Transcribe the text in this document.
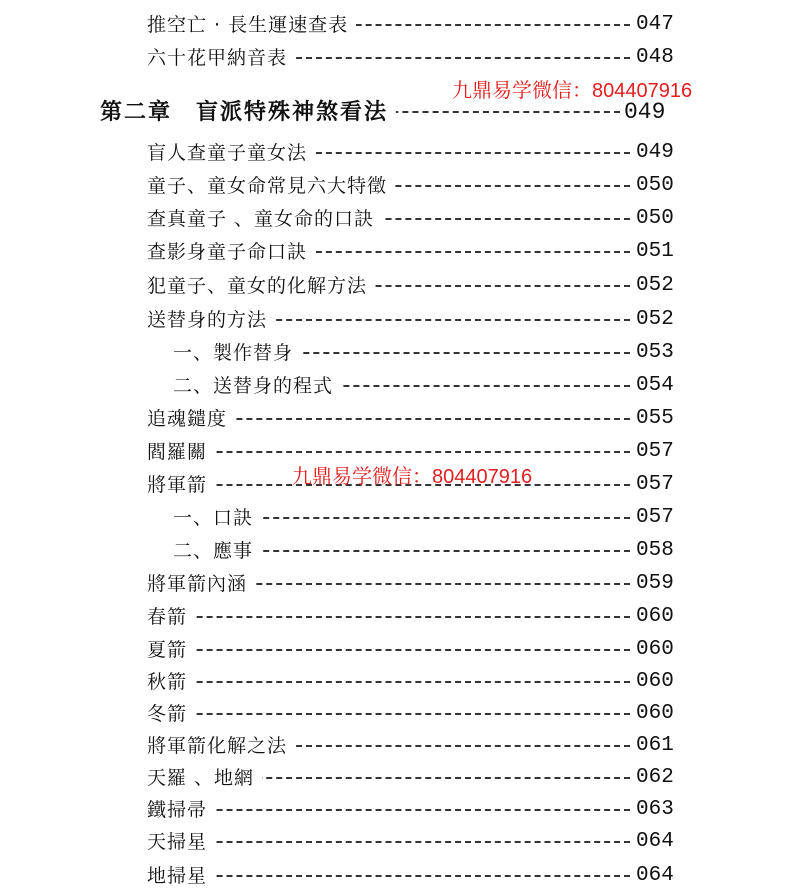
推空亡 · 長生運速查表	047
六十花甲納音表	048
第二章　盲派特殊神煞看法	049
盲人查童子童女法	049
童子、童女命常見六大特徵	050
查真童子 、童女命的口訣	050
查影身童子命口訣	051
犯童子、童女的化解方法	052
送替身的方法	052
一、製作替身	053
二、送替身的程式	054
追魂鑓度	055
閻羅關	057
將軍箭	057
一、口訣	057
二、應事	058
將軍箭內涵	059
春箭	060
夏箭	060
秋箭	060
冬箭	060
將軍箭化解之法	061
天羅 、地網	062
鐵掃帚	063
天掃星	064
地掃星	064
九鼎易学微信：804407916
九鼎易学微信：804407916
